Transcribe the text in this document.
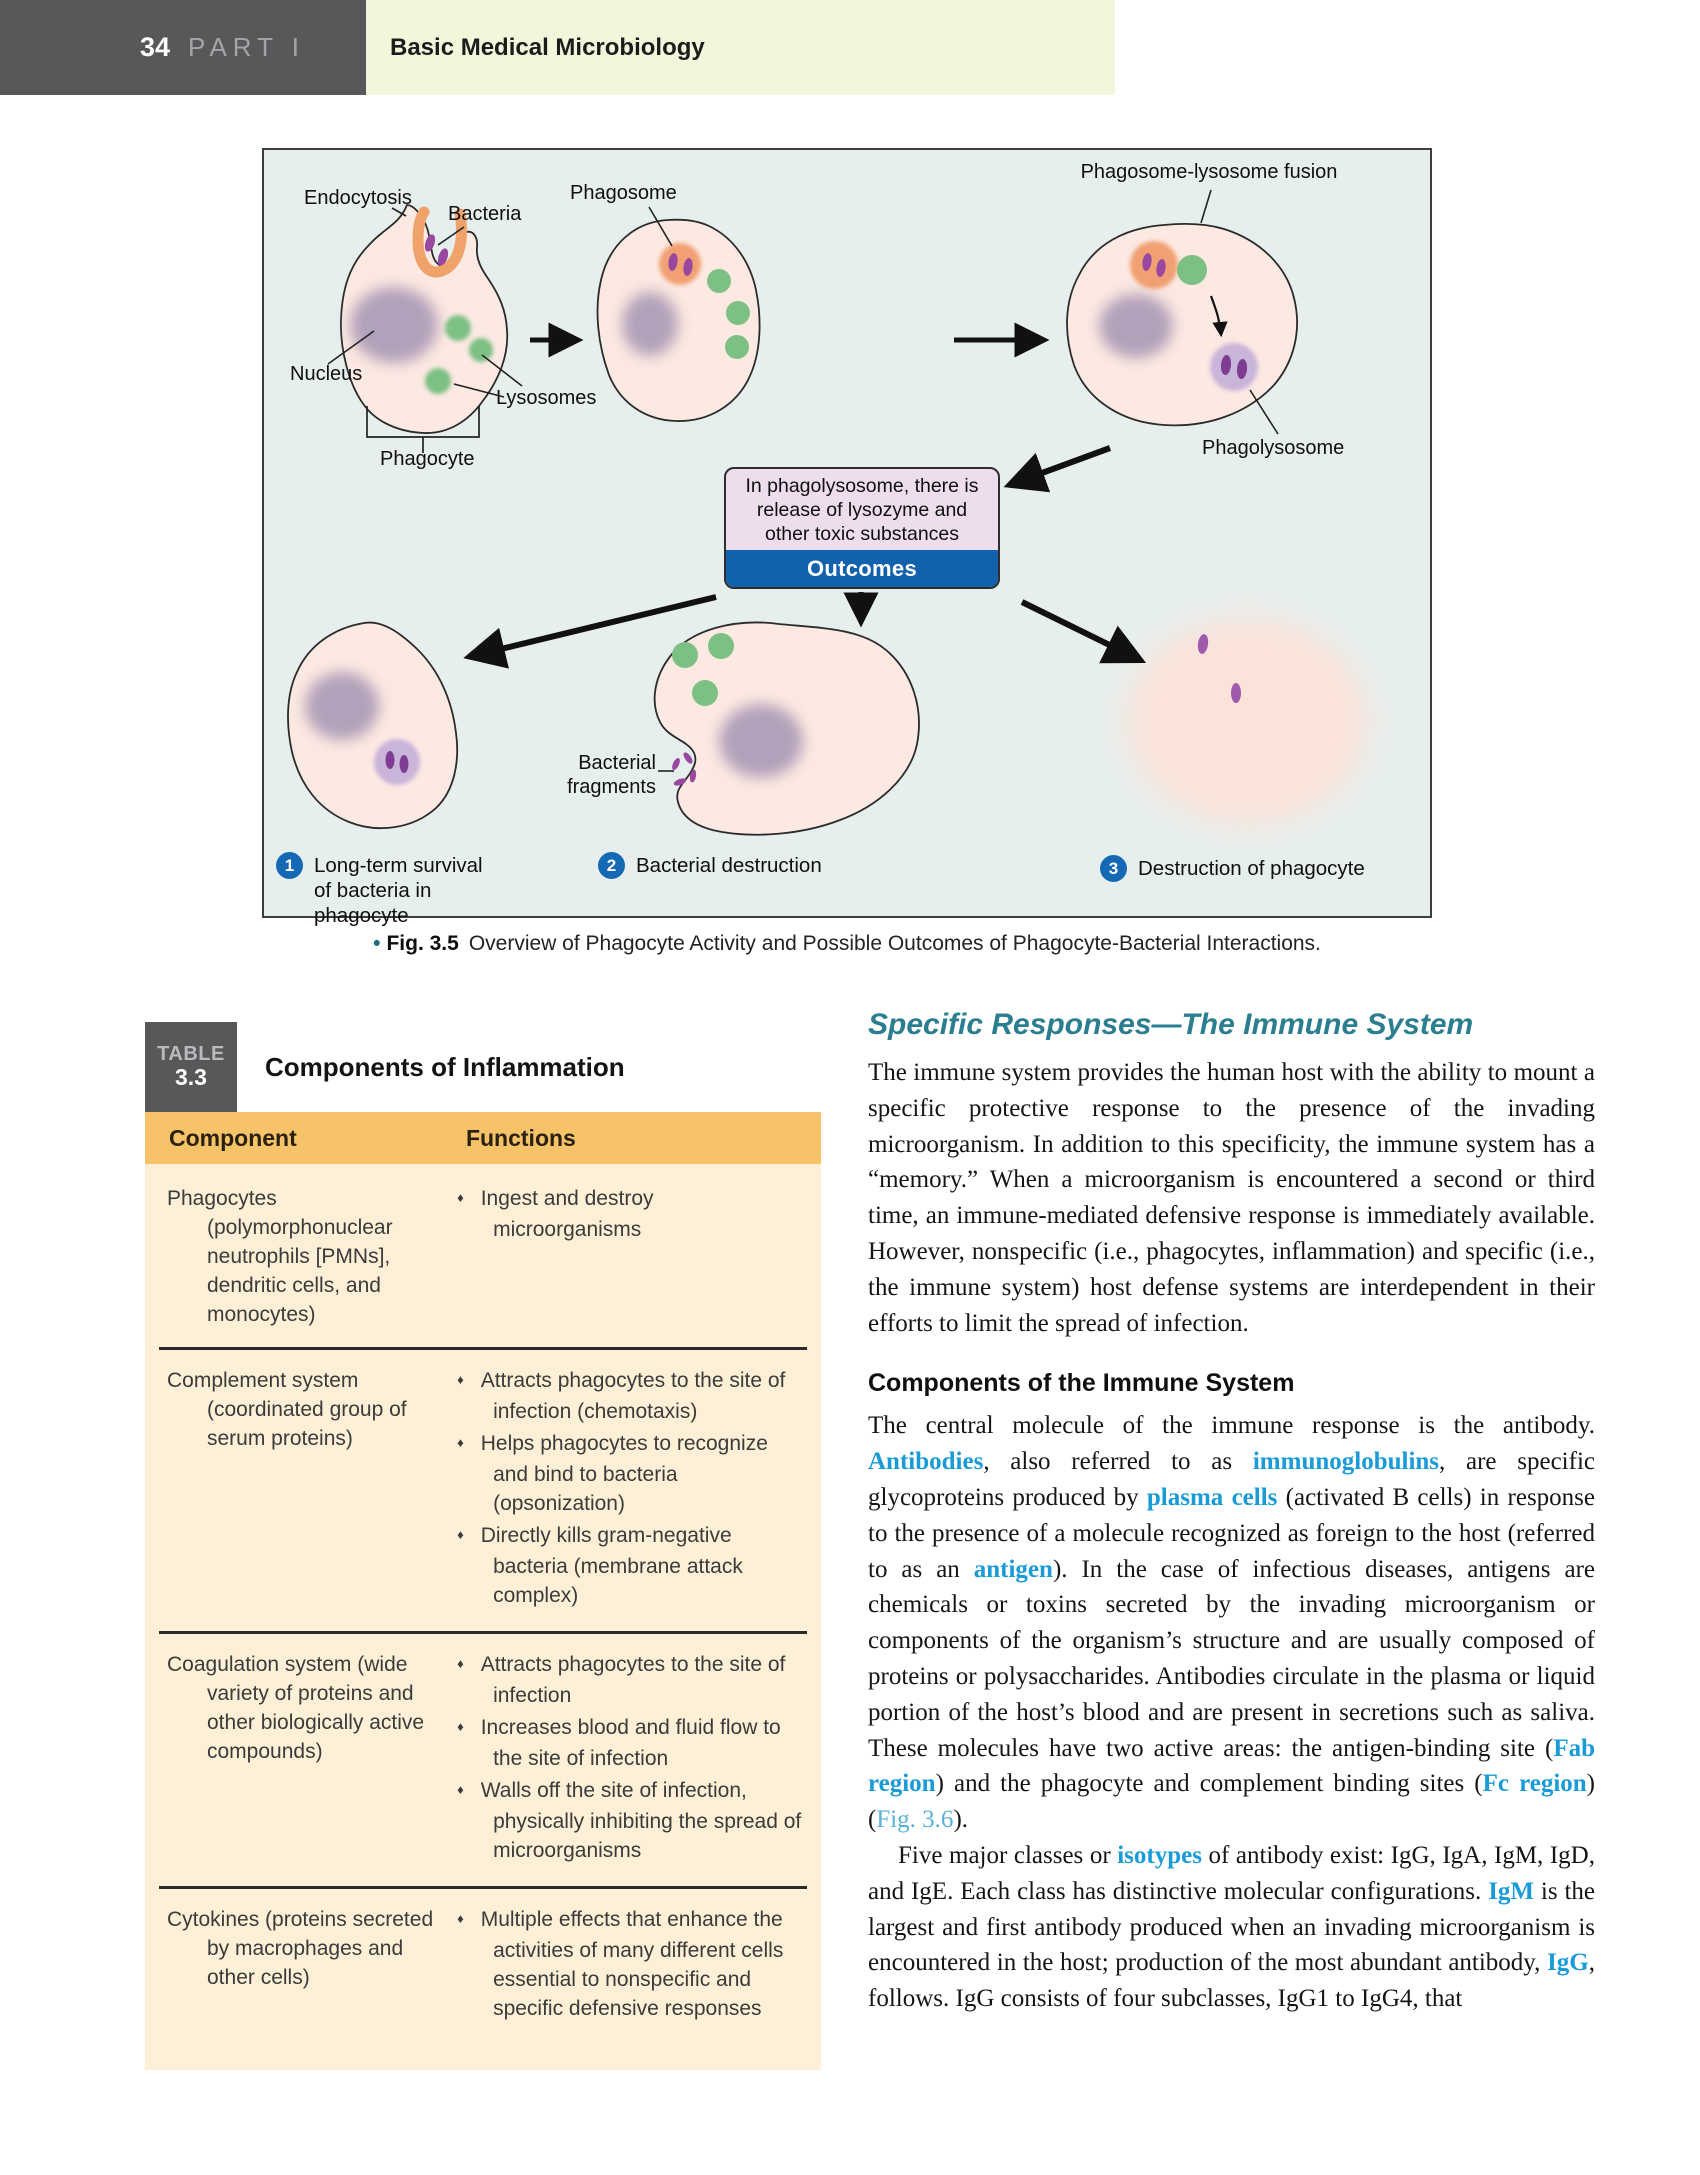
34 PART I	Basic Medical Microbiology
Endocytosis
Bacteria
Nucleus
Lysosomes
Phagocyte
Phagosome
Phagosome-lysosome fusion
Phagolysosome
Bacterial fragments
In phagolysosome, there is release of lysozyme and other toxic substances
Outcomes
1 Long-term survival of bacteria in phagocyte
2 Bacterial destruction	3 Destruction of phagocyte
• Fig. 3.5 Overview of Phagocyte Activity and Possible Outcomes of Phagocyte-Bacterial Interactions.
TABLE
3.3	Components of Inflammation
Component	Functions
Phagocytes (polymorphonuclear neutrophils [PMNs], dendritic cells, and monocytes)
♦ Ingest and destroy microorganisms
Complement system (coordinated group of serum proteins)
♦ Attracts phagocytes to the site of infection (chemotaxis)
♦ Helps phagocytes to recognize and bind to bacteria (opsonization)
♦ Directly kills gram-negative bacteria (membrane attack complex)
Coagulation system (wide variety of proteins and other biologically active compounds)
♦ Attracts phagocytes to the site of infection
♦ Increases blood and fluid flow to the site of infection
♦ Walls off the site of infection, physically inhibiting the spread of microorganisms
Cytokines (proteins secreted by macrophages and other cells)
♦ Multiple effects that enhance the activities of many different cells essential to nonspecific and specific defensive responses
Specific Responses—The Immune System

The immune system provides the human host with the ability to mount a specific protective response to the presence of the invading microorganism. In addition to this specificity, the immune system has a “memory.” When a microorganism is encountered a second or third time, an immune-mediated defensive response is immediately available. However, nonspecific (i.e., phagocytes, inflammation) and specific (i.e., the immune system) host defense systems are interdependent in their efforts to limit the spread of infection.

Components of the Immune System

The central molecule of the immune response is the antibody. Antibodies, also referred to as immunoglobulins, are specific glycoproteins produced by plasma cells (activated B cells) in response to the presence of a molecule recognized as foreign to the host (referred to as an antigen). In the case of infectious diseases, antigens are chemicals or toxins secreted by the invading microorganism or components of the organism’s structure and are usually composed of proteins or polysaccharides. Antibodies circulate in the plasma or liquid portion of the host’s blood and are present in secretions such as saliva. These molecules have two active areas: the antigen-binding site (Fab region) and the phagocyte and complement binding sites (Fc region) (Fig. 3.6).

Five major classes or isotypes of antibody exist: IgG, IgA, IgM, IgD, and IgE. Each class has distinctive molecular configurations. IgM is the largest and first antibody produced when an invading microorganism is encountered in the host; production of the most abundant antibody, IgG, follows. IgG consists of four subclasses, IgG1 to IgG4, that
